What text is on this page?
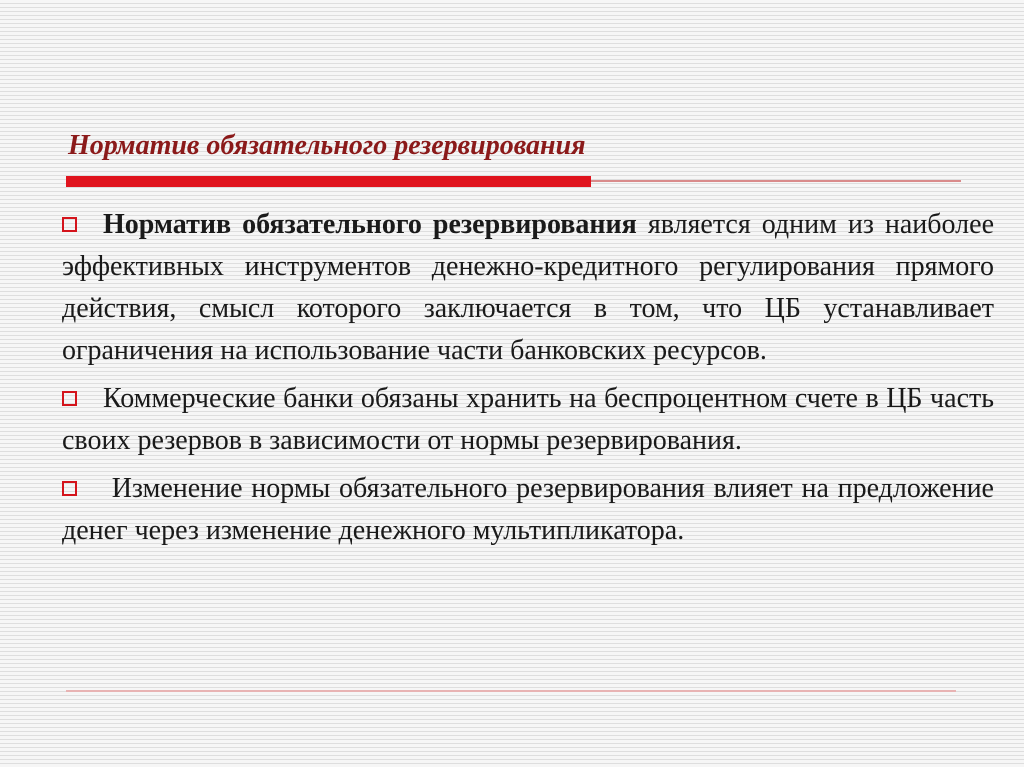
Норматив обязательного резервирования

Норматив обязательного резервирования является одним из наиболее эффективных инструментов денежно-кредитного регулирования прямого действия, смысл которого заключается в том, что ЦБ устанавливает ограничения на использование части банковских ресурсов.

Коммерческие банки обязаны хранить на беспроцентном счете в ЦБ часть своих резервов в зависимости от нормы резервирования.

Изменение нормы обязательного резервирования влияет на предложение денег через изменение денежного мультипликатора.
